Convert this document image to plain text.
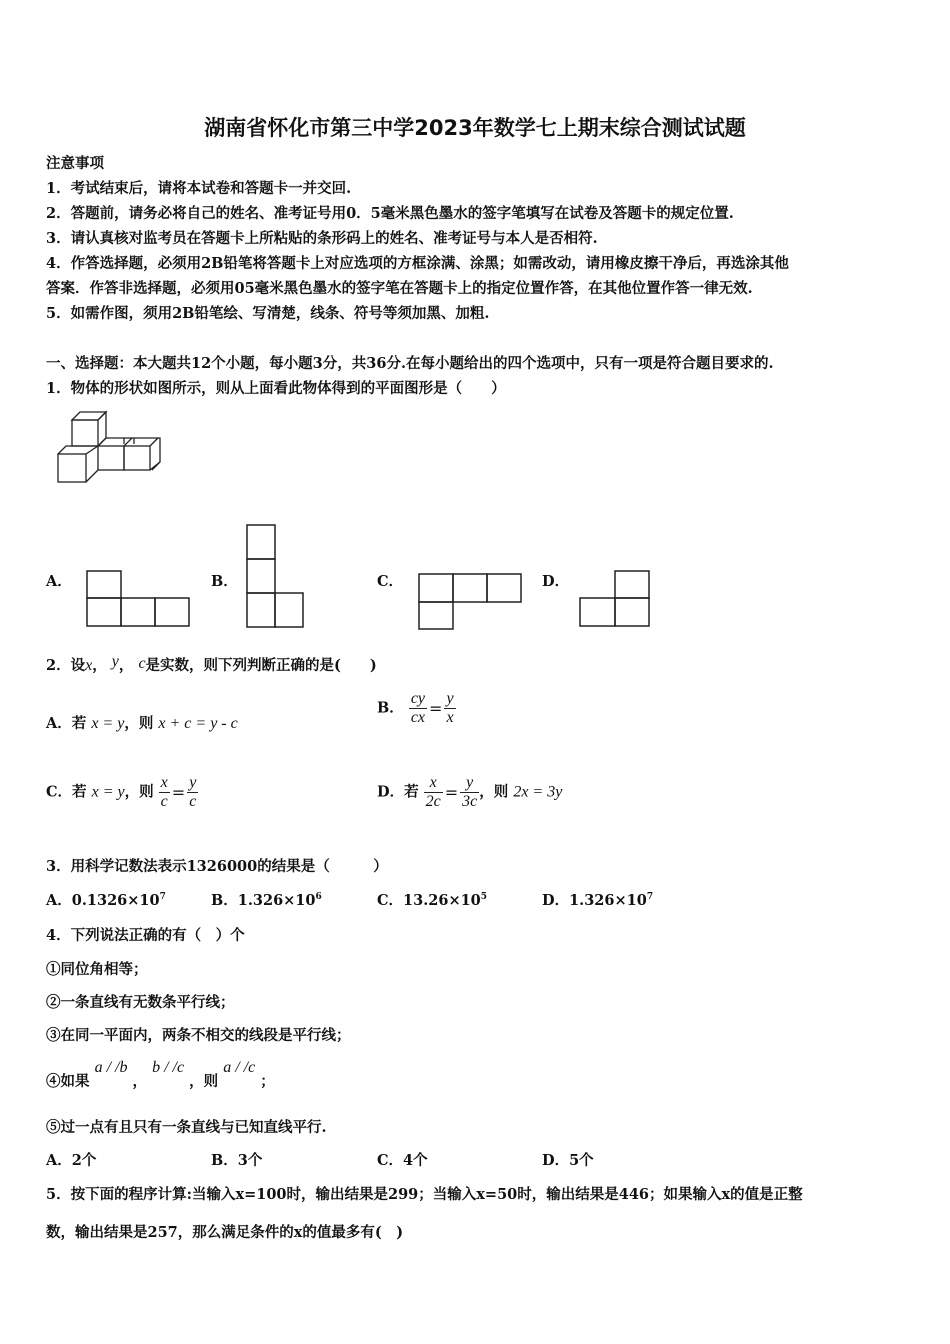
湖南省怀化市第三中学2023年数学七上期末综合测试试题
注意事项
1．考试结束后，请将本试卷和答题卡一并交回.
2．答题前，请务必将自己的姓名、准考证号用0．5毫米黑色墨水的签字笔填写在试卷及答题卡的规定位置.
3．请认真核对监考员在答题卡上所粘贴的条形码上的姓名、准考证号与本人是否相符.
4．作答选择题，必须用2B铅笔将答题卡上对应选项的方框涂满、涂黑；如需改动，请用橡皮擦干净后，再选涂其他
答案．作答非选择题，必须用05毫米黑色墨水的签字笔在答题卡上的指定位置作答，在其他位置作答一律无效.
5．如需作图，须用2B铅笔绘、写清楚，线条、符号等须加黑、加粗.
一、选择题：本大题共12个小题，每小题3分，共36分.在每小题给出的四个选项中，只有一项是符合题目要求的.
1．物体的形状如图所示，则从上面看此物体得到的平面图形是（　　）
A．	B．	C．	D．
2．设x， y， c是实数，则下列判断正确的是(　　)
A．若 x = y，则 x + c = y - c
B． $\frac{cy}{cx} = \frac{y}{x}$
C．若 x = y，则 $\frac{x}{c} = \frac{y}{c}$	D．若 $\frac{x}{2c} = \frac{y}{3c}$ ，则 2x = 3y
3．用科学记数法表示1326000的结果是（　　　）
A．$0.1326\times 10^7$	B．$1.326\times 10^6$	C．$13.26\times 10^5$	D．$1.326\times 10^7$
4．下列说法正确的有（　）个
①同位角相等；
②一条直线有无数条平行线；
③在同一平面内，两条不相交的线段是平行线；
④如果 a / /b ， b / /c ，则 a / /c ；
⑤过一点有且只有一条直线与已知直线平行.
A．2个	B．3个	C．4个	D．5个
5．按下面的程序计算:当输入x=100时，输出结果是299；当输入x=50时，输出结果是446；如果输入x的值是正整
数，输出结果是257，那么满足条件的x的值最多有(　)
